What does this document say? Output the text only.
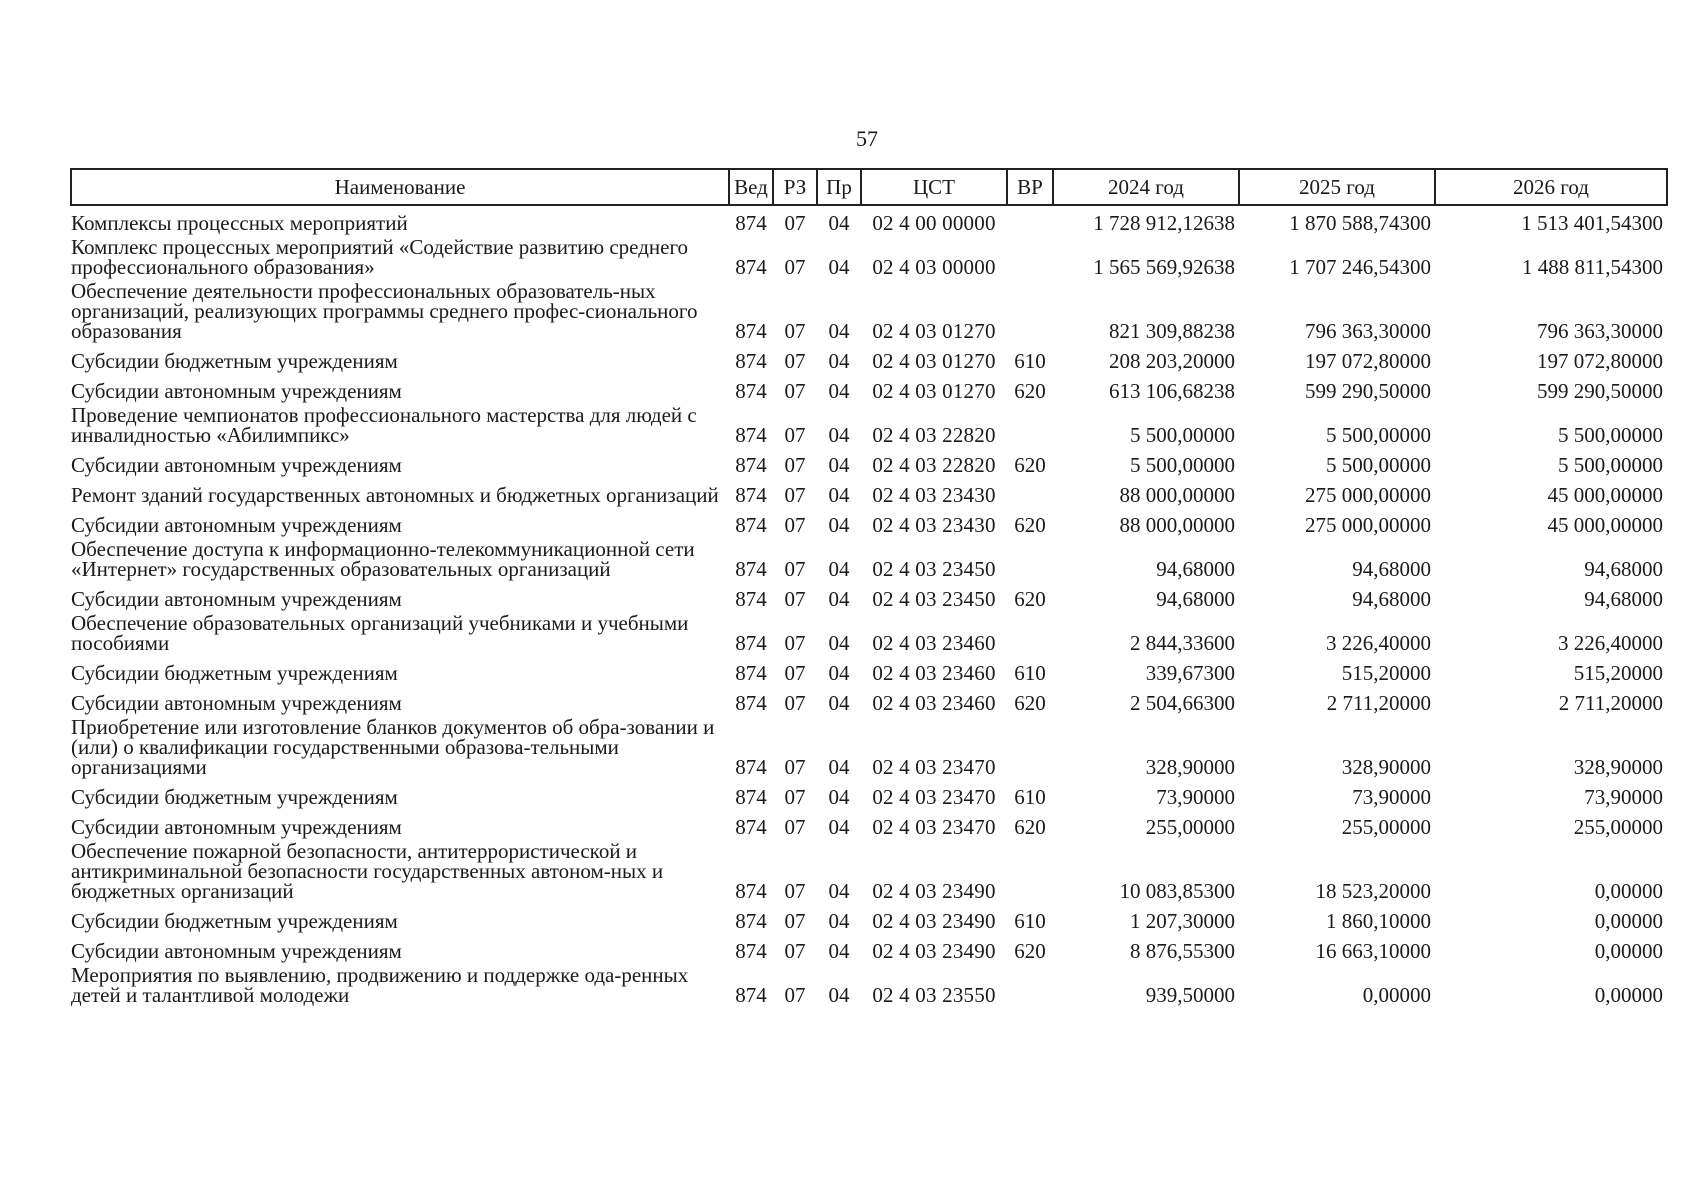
57
Наименование	Вед	РЗ	Пр	ЦСТ	ВР	2024 год	2025 год	2026 год
Комплексы процессных мероприятий	874	07	04	02 4 00 00000		1 728 912,12638	1 870 588,74300	1 513 401,54300
Комплекс процессных мероприятий «Содействие развитию среднего профессионального образования»	874	07	04	02 4 03 00000		1 565 569,92638	1 707 246,54300	1 488 811,54300
Обеспечение деятельности профессиональных образователь-ных организаций, реализующих программы среднего профес-сионального образования	874	07	04	02 4 03 01270		821 309,88238	796 363,30000	796 363,30000
Субсидии бюджетным учреждениям	874	07	04	02 4 03 01270	610	208 203,20000	197 072,80000	197 072,80000
Субсидии автономным учреждениям	874	07	04	02 4 03 01270	620	613 106,68238	599 290,50000	599 290,50000
Проведение чемпионатов профессионального мастерства для людей с инвалидностью «Абилимпикс»	874	07	04	02 4 03 22820		5 500,00000	5 500,00000	5 500,00000
Субсидии автономным учреждениям	874	07	04	02 4 03 22820	620	5 500,00000	5 500,00000	5 500,00000
Ремонт зданий государственных автономных и бюджетных организаций	874	07	04	02 4 03 23430		88 000,00000	275 000,00000	45 000,00000
Субсидии автономным учреждениям	874	07	04	02 4 03 23430	620	88 000,00000	275 000,00000	45 000,00000
Обеспечение доступа к информационно-телекоммуникационной сети «Интернет» государственных образовательных организаций	874	07	04	02 4 03 23450		94,68000	94,68000	94,68000
Субсидии автономным учреждениям	874	07	04	02 4 03 23450	620	94,68000	94,68000	94,68000
Обеспечение образовательных организаций учебниками и учебными пособиями	874	07	04	02 4 03 23460		2 844,33600	3 226,40000	3 226,40000
Субсидии бюджетным учреждениям	874	07	04	02 4 03 23460	610	339,67300	515,20000	515,20000
Субсидии автономным учреждениям	874	07	04	02 4 03 23460	620	2 504,66300	2 711,20000	2 711,20000
Приобретение или изготовление бланков документов об обра-зовании и (или) о квалификации государственными образова-тельными организациями	874	07	04	02 4 03 23470		328,90000	328,90000	328,90000
Субсидии бюджетным учреждениям	874	07	04	02 4 03 23470	610	73,90000	73,90000	73,90000
Субсидии автономным учреждениям	874	07	04	02 4 03 23470	620	255,00000	255,00000	255,00000
Обеспечение пожарной безопасности, антитеррористической и антикриминальной безопасности государственных автоном-ных и бюджетных организаций	874	07	04	02 4 03 23490		10 083,85300	18 523,20000	0,00000
Субсидии бюджетным учреждениям	874	07	04	02 4 03 23490	610	1 207,30000	1 860,10000	0,00000
Субсидии автономным учреждениям	874	07	04	02 4 03 23490	620	8 876,55300	16 663,10000	0,00000
Мероприятия по выявлению, продвижению и поддержке ода-ренных детей и талантливой молодежи	874	07	04	02 4 03 23550		939,50000	0,00000	0,00000
